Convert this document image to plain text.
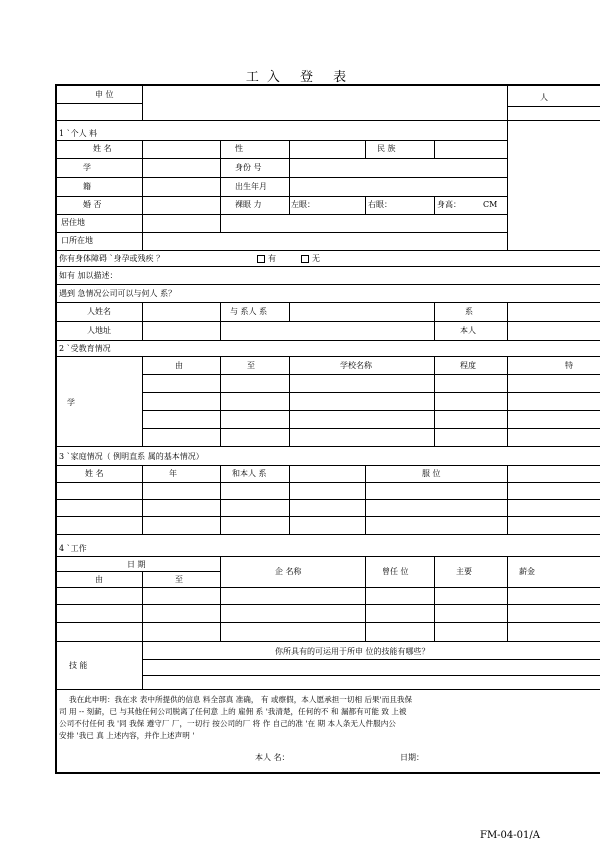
工入 登 表
申 位	人
1 `个人 料
姓 名	性	民 族
学	身份 号
籍	出生年月
婚 否	裸眼 力	左眼：	右眼：	身高：	CM
居住地
口所在地
你有身体障碍 `身孕或残疾 ？	有	无
如有 加以描述：
遇到 急情况公司可以与何人 系？
人姓名	与 系人 系	系
人地址	本人
2 `受教育情况
学
由	至	学校名称	程度	特
3 `家庭情况（ 例明直系 属的基本情况）
姓 名	年	和本人 系	服 位
4 `工作
日 期
由	至
企 名称	曾任 位	主要	薪金
技 能
你所具有的可运用于所申 位的技能有哪些？
我在此申明：我在求 表中所提供的信息 料全部真 准确， 有 或瘵假，本人愿承担一切相 后果'而且我保
司 用 -- 刻薪，已 与其他任何公司脱离了任何意 上的 雇佣 系 '我清楚，任何的不 和 漏都有可能 致 上被
公司不付任何 我 '同 我保 遵守厂 厂，一切行 按公司的厂 将 作 自己的准 '在 期 本人条无人件服内公
安排 '我已 真 上述内容，并作上述声明 '
本人 名：	日期：
FM-04-01/A
